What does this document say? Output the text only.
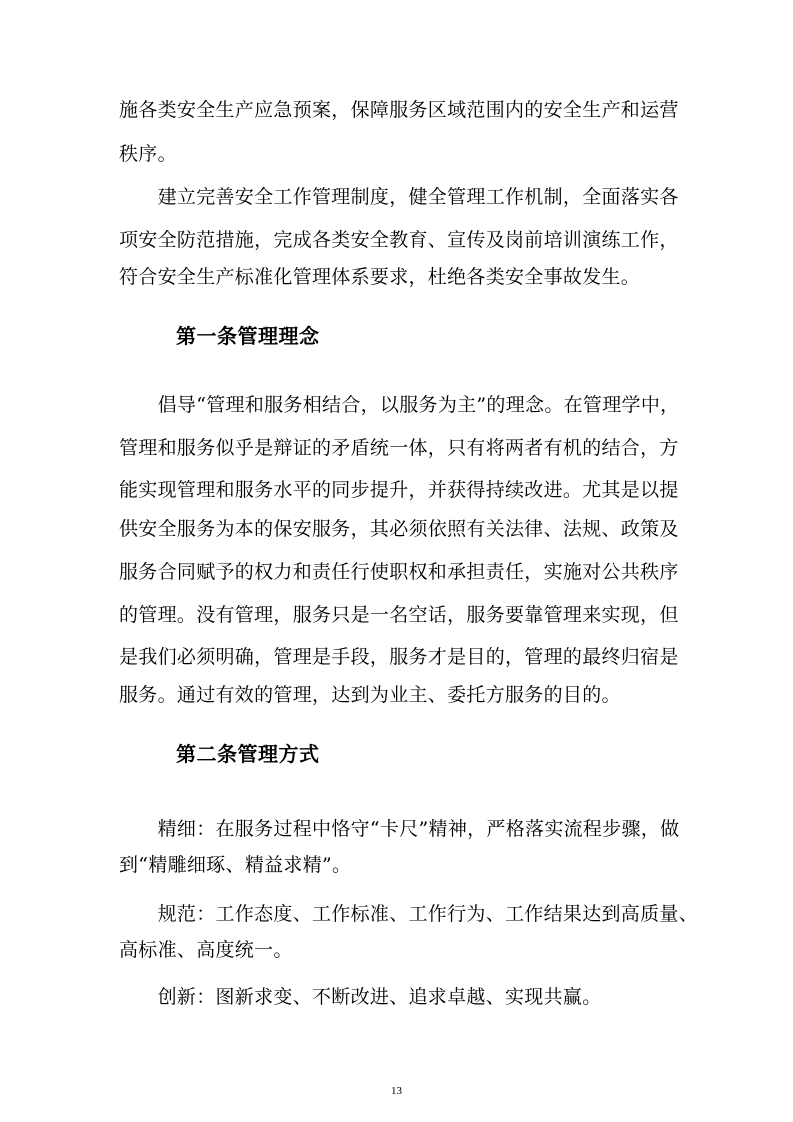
施各类安全生产应急预案，保障服务区域范围内的安全生产和运营
秩序。
　　建立完善安全工作管理制度，健全管理工作机制，全面落实各
项安全防范措施，完成各类安全教育、宣传及岗前培训演练工作，
符合安全生产标准化管理体系要求，杜绝各类安全事故发生。
第一条管理理念
　　倡导“管理和服务相结合，以服务为主”的理念。在管理学中，
管理和服务似乎是辩证的矛盾统一体，只有将两者有机的结合，方
能实现管理和服务水平的同步提升，并获得持续改进。尤其是以提
供安全服务为本的保安服务，其必须依照有关法律、法规、政策及
服务合同赋予的权力和责任行使职权和承担责任，实施对公共秩序
的管理。没有管理，服务只是一名空话，服务要靠管理来实现，但
是我们必须明确，管理是手段，服务才是目的，管理的最终归宿是
服务。通过有效的管理，达到为业主、委托方服务的目的。
第二条管理方式
　　精细：在服务过程中恪守“卡尺”精神，严格落实流程步骤，做
到“精雕细琢、精益求精”。
　　规范：工作态度、工作标准、工作行为、工作结果达到高质量、
高标准、高度统一。
　　创新：图新求变、不断改进、追求卓越、实现共赢。
13
